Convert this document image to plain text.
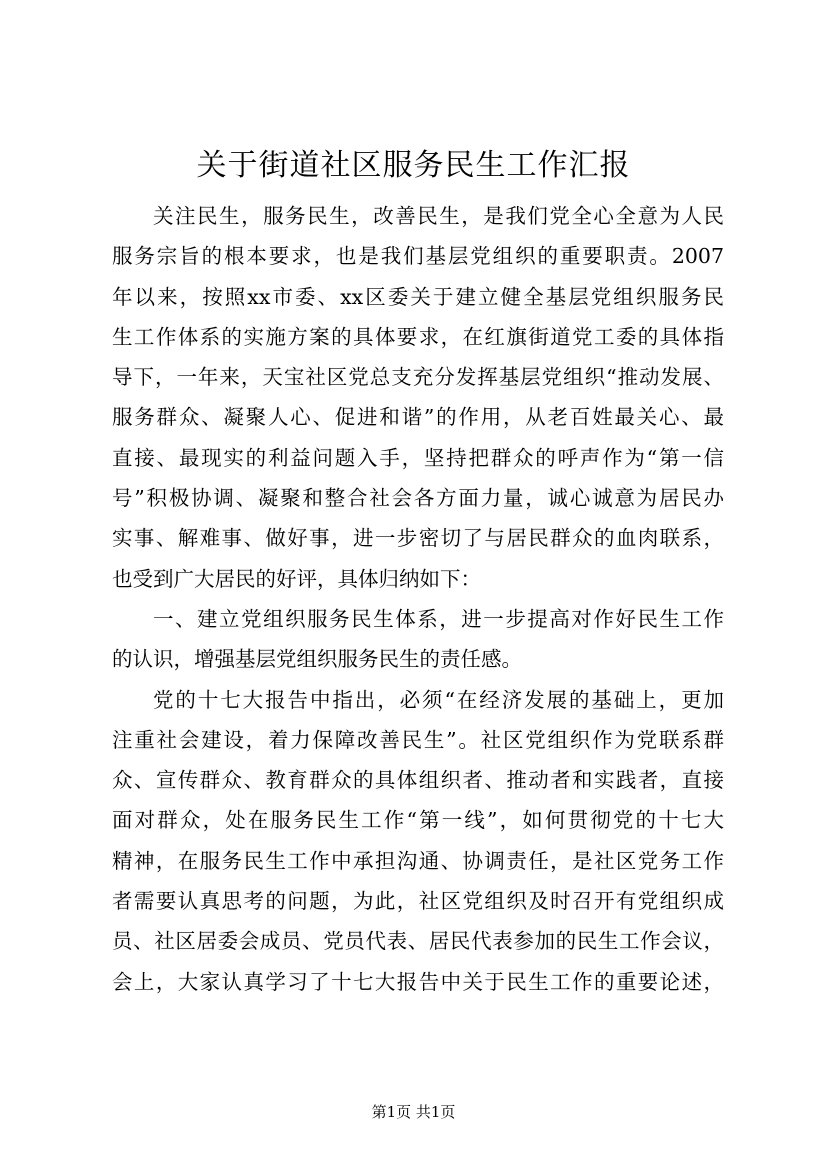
关于街道社区服务民生工作汇报
关注民生，服务民生，改善民生，是我们党全心全意为人民
服务宗旨的根本要求，也是我们基层党组织的重要职责。2007
年以来，按照xx市委、xx区委关于建立健全基层党组织服务民
生工作体系的实施方案的具体要求，在红旗街道党工委的具体指
导下，一年来，天宝社区党总支充分发挥基层党组织“推动发展、
服务群众、凝聚人心、促进和谐”的作用，从老百姓最关心、最
直接、最现实的利益问题入手，坚持把群众的呼声作为“第一信
号”积极协调、凝聚和整合社会各方面力量，诚心诚意为居民办
实事、解难事、做好事，进一步密切了与居民群众的血肉联系，
也受到广大居民的好评，具体归纳如下：
一、建立党组织服务民生体系，进一步提高对作好民生工作
的认识，增强基层党组织服务民生的责任感。
党的十七大报告中指出，必须“在经济发展的基础上，更加
注重社会建设，着力保障改善民生”。社区党组织作为党联系群
众、宣传群众、教育群众的具体组织者、推动者和实践者，直接
面对群众，处在服务民生工作“第一线”，如何贯彻党的十七大
精神，在服务民生工作中承担沟通、协调责任，是社区党务工作
者需要认真思考的问题，为此，社区党组织及时召开有党组织成
员、社区居委会成员、党员代表、居民代表参加的民生工作会议，
会上，大家认真学习了十七大报告中关于民生工作的重要论述，
第1页 共1页
